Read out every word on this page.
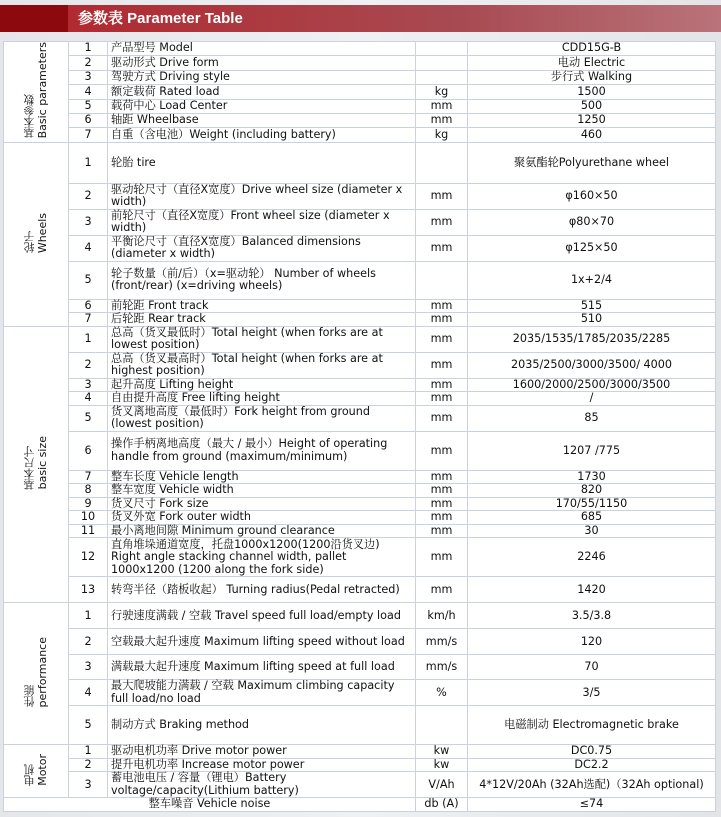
参数表 Parameter Table
基本参数Basic parameters	1	产品型号 Model		CDD15G-B
	2	驱动形式 Drive form		电动 Electric
	3	驾驶方式 Driving style		步行式 Walking
	4	额定载荷 Rated load	kg	1500
	5	载荷中心 Load Center	mm	500
	6	轴距 Wheelbase	mm	1250
	7	自重（含电池）Weight (including battery)	kg	460
轮子Wheels	1	轮胎 tire		聚氨酯轮Polyurethane wheel
	2	驱动轮尺寸（直径X宽度）Drive wheel size (diameter x width)	mm	φ160×50
	3	前轮尺寸（直径X宽度）Front wheel size (diameter x width)	mm	φ80×70
	4	平衡论尺寸（直径X宽度）Balanced dimensions (diameter x width)	mm	φ125×50
	5	轮子数量（前/后）（x=驱动轮） Number of wheels (front/rear) (x=driving wheels)		1x+2/4
	6	前轮距 Front track	mm	515
	7	后轮距 Rear track	mm	510
基本尺寸basic size	1	总高（货叉最低时）Total height (when forks are at lowest position)	mm	2035/1535/1785/2035/2285
	2	总高（货叉最高时）Total height (when forks are at highest position)	mm	2035/2500/3000/3500/ 4000
	3	起升高度 Lifting height	mm	1600/2000/2500/3000/3500
	4	自由提升高度 Free lifting height	mm	/
	5	货叉离地高度（最低时）Fork height from ground (lowest position)	mm	85
	6	操作手柄离地高度（最大 / 最小）Height of operating handle from ground (maximum/minimum)	mm	1207 /775
	7	整车长度 Vehicle length	mm	1730
	8	整车宽度 Vehicle width	mm	820
	9	货叉尺寸 Fork size	mm	170/55/1150
	10	货叉外宽 Fork outer width	mm	685
	11	最小离地间隙 Minimum ground clearance	mm	30
	12	直角堆垛通道宽度，托盘1000x1200(1200沿货叉边) Right angle stacking channel width, pallet 1000x1200 (1200 along the fork side)	mm	2246
	13	转弯半径（踏板收起） Turning radius(Pedal retracted)	mm	1420
性能performance	1	行驶速度满载 / 空载 Travel speed full load/empty load	km/h	3.5/3.8
	2	空载最大起升速度 Maximum lifting speed without load	mm/s	120
	3	满载最大起升速度 Maximum lifting speed at full load	mm/s	70
	4	最大爬坡能力满载 / 空载 Maximum climbing capacity full load/no load	%	3/5
	5	制动方式 Braking method		电磁制动 Electromagnetic brake
电机Motor	1	驱动电机功率 Drive motor power	kw	DC0.75
	2	提升电机功率 Increase motor power	kw	DC2.2
	3	蓄电池电压 / 容量（锂电）Battery voltage/capacity(Lithium battery)	V/Ah	4*12V/20Ah (32Ah选配)（32Ah optional)
整车噪音 Vehicle noise			db (A)	≤74
